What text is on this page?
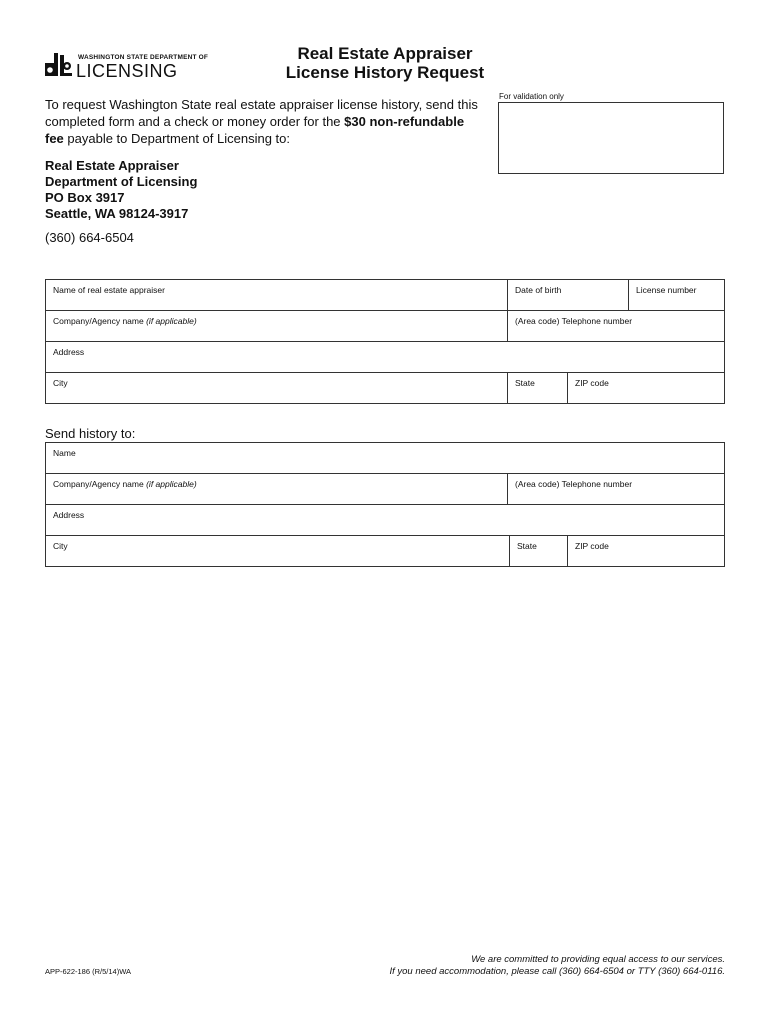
WASHINGTON STATE DEPARTMENT OF
LICENSING
Real Estate Appraiser
License History Request
For validation only
To request Washington State real estate appraiser license history, send this completed form and a check or money order for the $30 non-refundable fee payable to Department of Licensing to:
Real Estate Appraiser
Department of Licensing
PO Box 3917
Seattle, WA 98124-3917
(360) 664-6504
Name of real estate appraiser	Date of birth	License number
Company/Agency name (if applicable)	(Area code) Telephone number
Address
City	State	ZIP code
Send history to:
Name
Company/Agency name (if applicable)	(Area code) Telephone number
Address
City	State	ZIP code
APP-622-186 (R/5/14)WA
We are committed to providing equal access to our services.
If you need accommodation, please call (360) 664-6504 or TTY (360) 664-0116.
